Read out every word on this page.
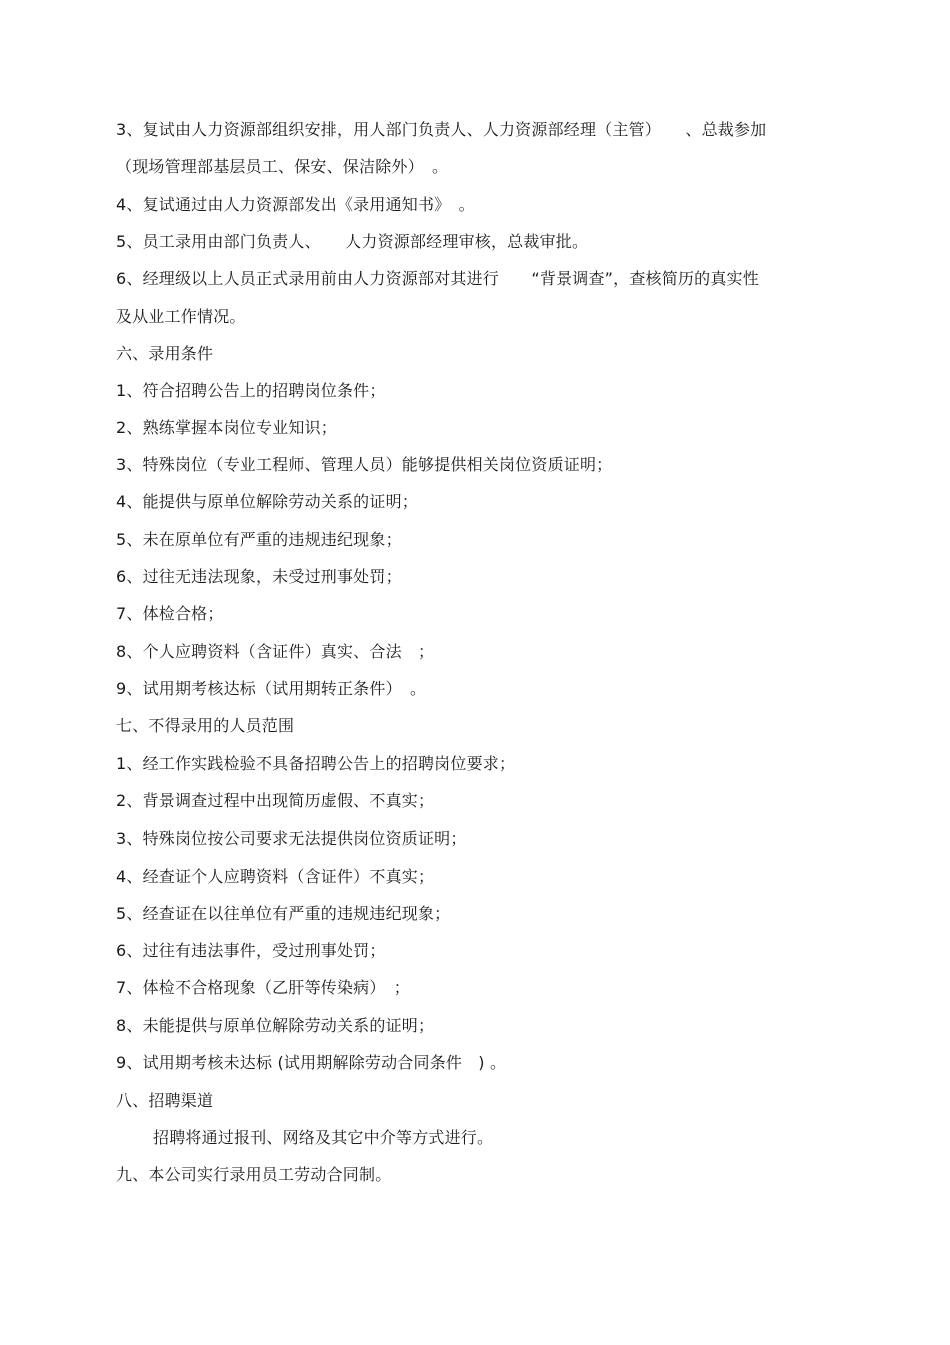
3、复试由人力资源部组织安排，用人部门负责人、人力资源部经理（主管）　　、总裁参加
（现场管理部基层员工、保安、保洁除外）　。
4、复试通过由人力资源部发出《录用通知书》　。
5、员工录用由部门负责人、　　人力资源部经理审核，总裁审批。
6、经理级以上人员正式录用前由人力资源部对其进行　　“背景调查”，查核简历的真实性
及从业工作情况。
六、录用条件
1、符合招聘公告上的招聘岗位条件；
2、熟练掌握本岗位专业知识；
3、特殊岗位（专业工程师、管理人员）能够提供相关岗位资质证明；
4、能提供与原单位解除劳动关系的证明；
5、未在原单位有严重的违规违纪现象；
6、过往无违法现象，未受过刑事处罚；
7、体检合格；
8、个人应聘资料（含证件）真实、合法　；
9、试用期考核达标（试用期转正条件）　。
七、不得录用的人员范围
1、经工作实践检验不具备招聘公告上的招聘岗位要求；
2、背景调查过程中出现简历虚假、不真实；
3、特殊岗位按公司要求无法提供岗位资质证明；
4、经查证个人应聘资料（含证件）不真实；
5、经查证在以往单位有严重的违规违纪现象；
6、过往有违法事件，受过刑事处罚；
7、体检不合格现象（乙肝等传染病）　；
8、未能提供与原单位解除劳动关系的证明；
9、试用期考核未达标 (试用期解除劳动合同条件　) 。
八、招聘渠道
招聘将通过报刊、网络及其它中介等方式进行。
九、本公司实行录用员工劳动合同制。
